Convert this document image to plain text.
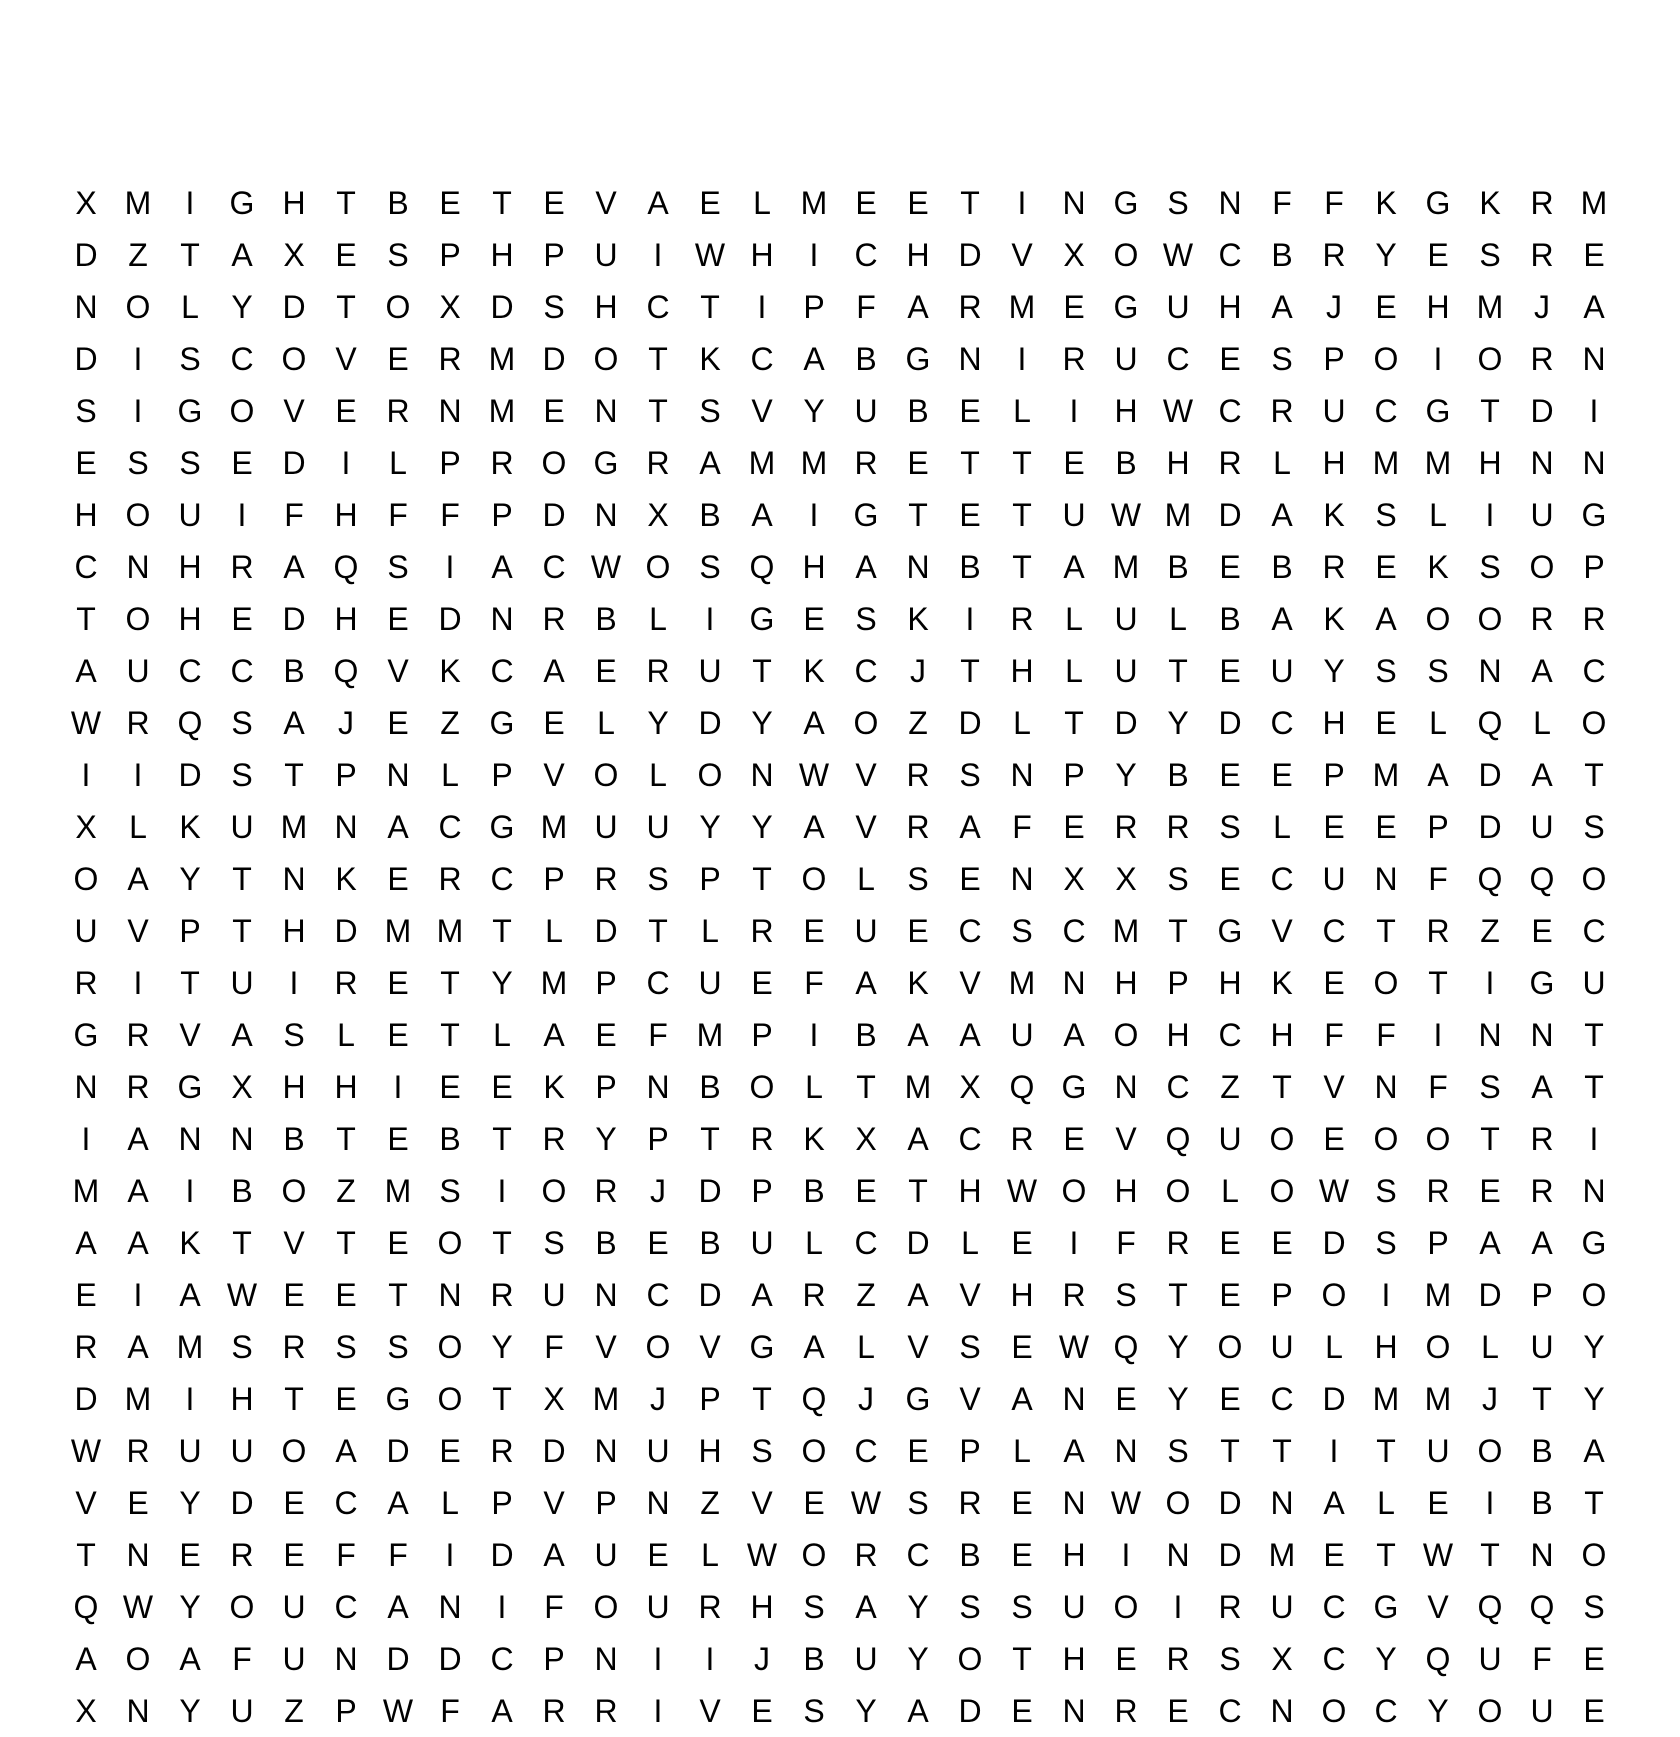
X M	I	G H T B E T E V A E	L M E E T	I	N G S N F	F K G K R M
D Z	T A X E S P H P U	I	W H	I	C H D V X O W C B R Y E S R E
N O L	Y D T O X D S H C T	I	P F A R M E G U H A	J	E H M J	A
D	I	S C O V E R M D O T K C A B G N	I	R U C E S P O	I	O R N
S	I	G O V E R N M E N T S V Y U B E	L	I	H W C R U C G T D	I
E S S E D	I	L	P R O G R A M M R E T	T E B H R L H M M H N N
H O U	I	F H F	F P D N X B A	I	G T E T U W M D A K S	L	I	U G
C N H R A Q S	I	A C W O S Q H A N B T A M B E B R E K S O P
T O H E D H E D N R B	L	I	G E S K	I	R L U L	B A K A O O R R
A U C C B Q V K C A E R U T K C	J	T H L U T E U Y S S N A C
W R Q S A	J	E Z G E	L	Y D Y A O Z D L	T D Y D C H E	L Q L O
I	I	D S T P N L	P V O L O N W V R S N P Y B E E P M A D A T
X	L	K U M N A C G M U U Y Y A V R A F E R R S	L	E E P D U S
O A Y T N K E R C P R S P T O L	S E N X X S E C U N F Q Q O
U V P T H D M M T	L D T	L R E U E C S C M T G V C T R Z E C
R	I	T U	I	R E T Y M P C U E F A K V M N H P H K E O T	I	G U
G R V A S	L	E T	L	A E F M P	I	B A A U A O H C H F	F	I	N N T
N R G X H H	I	E E K P N B O L	T M X Q G N C Z	T V N F S A T
I	A N N B T E B T R Y P T R K X A C R E V Q U O E O O T R	I
M A	I	B O Z M S	I	O R	J	D P B E T H W O H O L O W S R E R N
A A K T V T E O T S B E B U L C D L	E	I	F R E E D S P A A G
E	I	A W E E T N R U N C D A R Z A V H R S T E P O	I	M D P O
R A M S R S S O Y F V O V G A	L	V S E W Q Y O U L H O L U Y
D M	I	H T E G O T X M J	P T Q J G V A N E Y E C D M M J	T Y
W R U U O A D E R D N U H S O C E P	L	A N S T	T	I	T U O B A
V E Y D E C A	L	P V P N Z V E W S R E N W O D N A	L	E	I	B T
T N E R E F	F	I	D A U E	L W O R C B E H	I	N D M E T W T N O
Q W Y O U C A N	I	F O U R H S A Y S S U O	I	R U C G V Q Q S
A O A F U N D D C P N	I	I	J	B U Y O T H E R S X C Y Q U F E
X N Y U Z P W F A R R	I	V E S Y A D E N R E C N O C Y O U E
